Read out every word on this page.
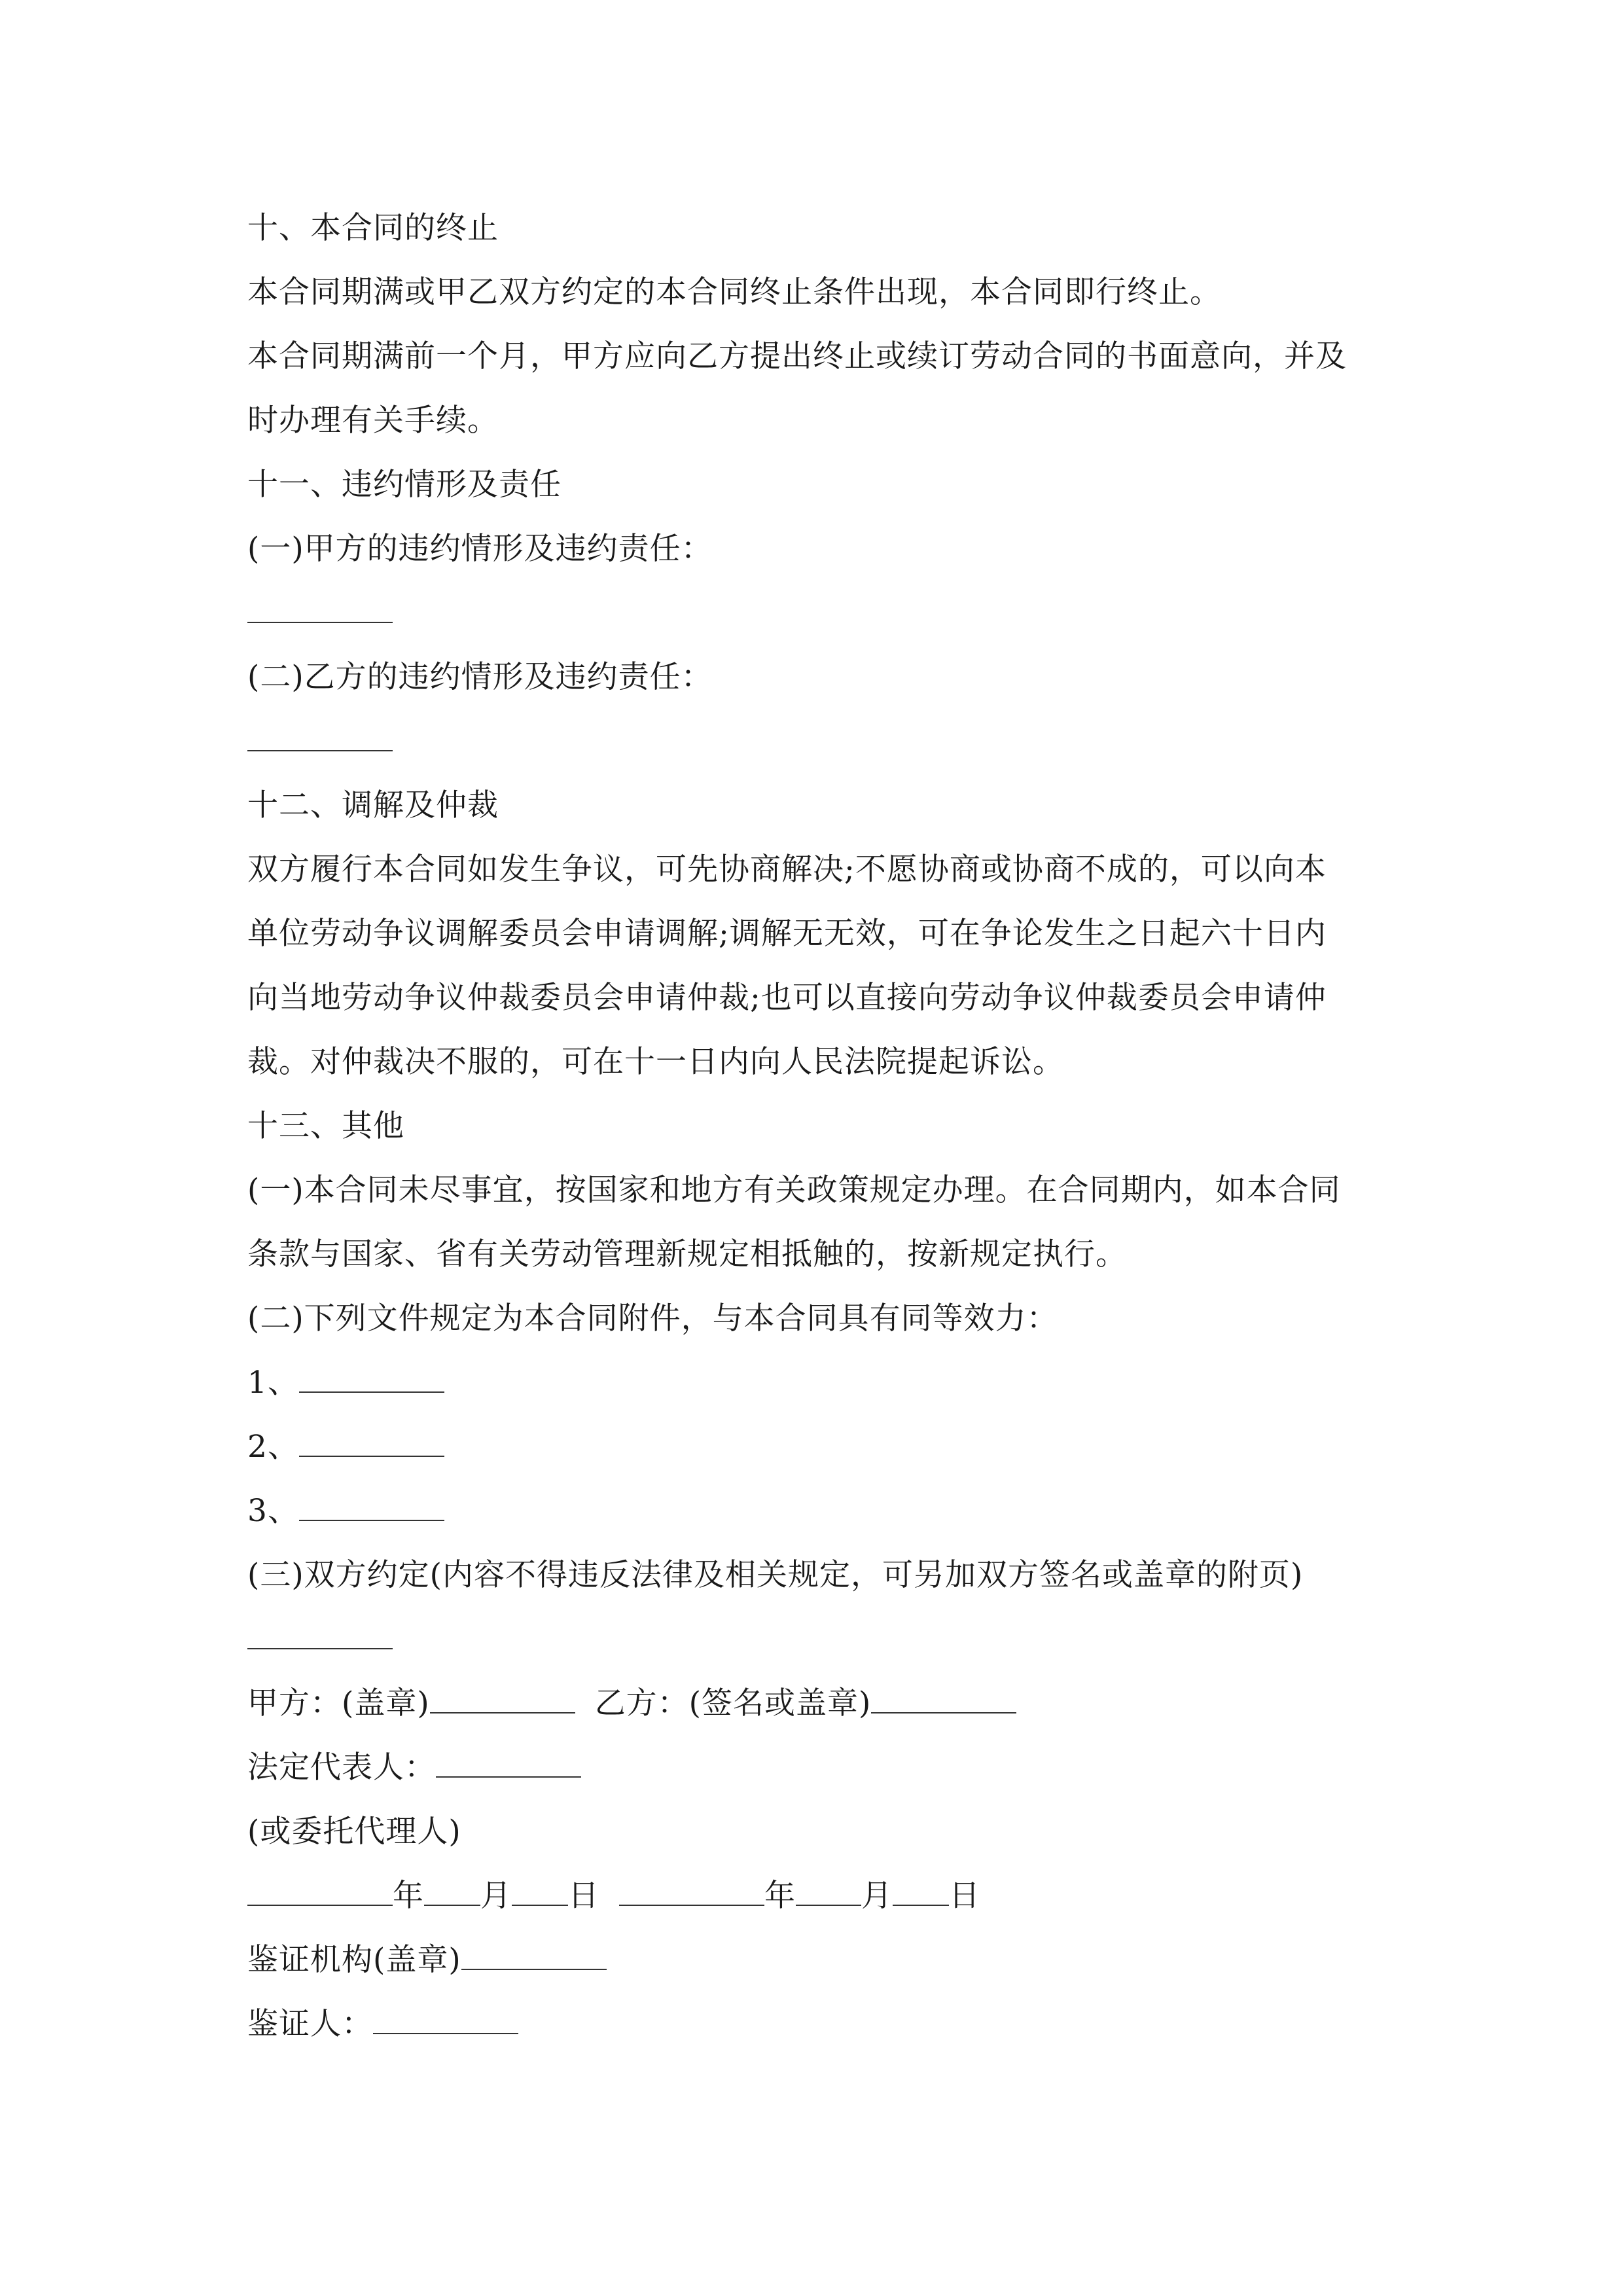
十、本合同的终止
本合同期满或甲乙双方约定的本合同终止条件出现，本合同即行终止。
本合同期满前一个月，甲方应向乙方提出终止或续订劳动合同的书面意向，并及
时办理有关手续。
十一、违约情形及责任
(一)甲方的违约情形及违约责任：
(二)乙方的违约情形及违约责任：
十二、调解及仲裁
双方履行本合同如发生争议，可先协商解决;不愿协商或协商不成的，可以向本
单位劳动争议调解委员会申请调解;调解无无效，可在争论发生之日起六十日内
向当地劳动争议仲裁委员会申请仲裁;也可以直接向劳动争议仲裁委员会申请仲
裁。对仲裁决不服的，可在十一日内向人民法院提起诉讼。
十三、其他
(一)本合同未尽事宜，按国家和地方有关政策规定办理。在合同期内，如本合同
条款与国家、省有关劳动管理新规定相抵触的，按新规定执行。
(二)下列文件规定为本合同附件，与本合同具有同等效力：
1、
2、
3、
(三)双方约定(内容不得违反法律及相关规定，可另加双方签名或盖章的附页)
甲方：(盖章)	乙方：(签名或盖章)
法定代表人：
(或委托代理人)
年 月 日	年 月 日
鉴证机构(盖章)
鉴证人：
